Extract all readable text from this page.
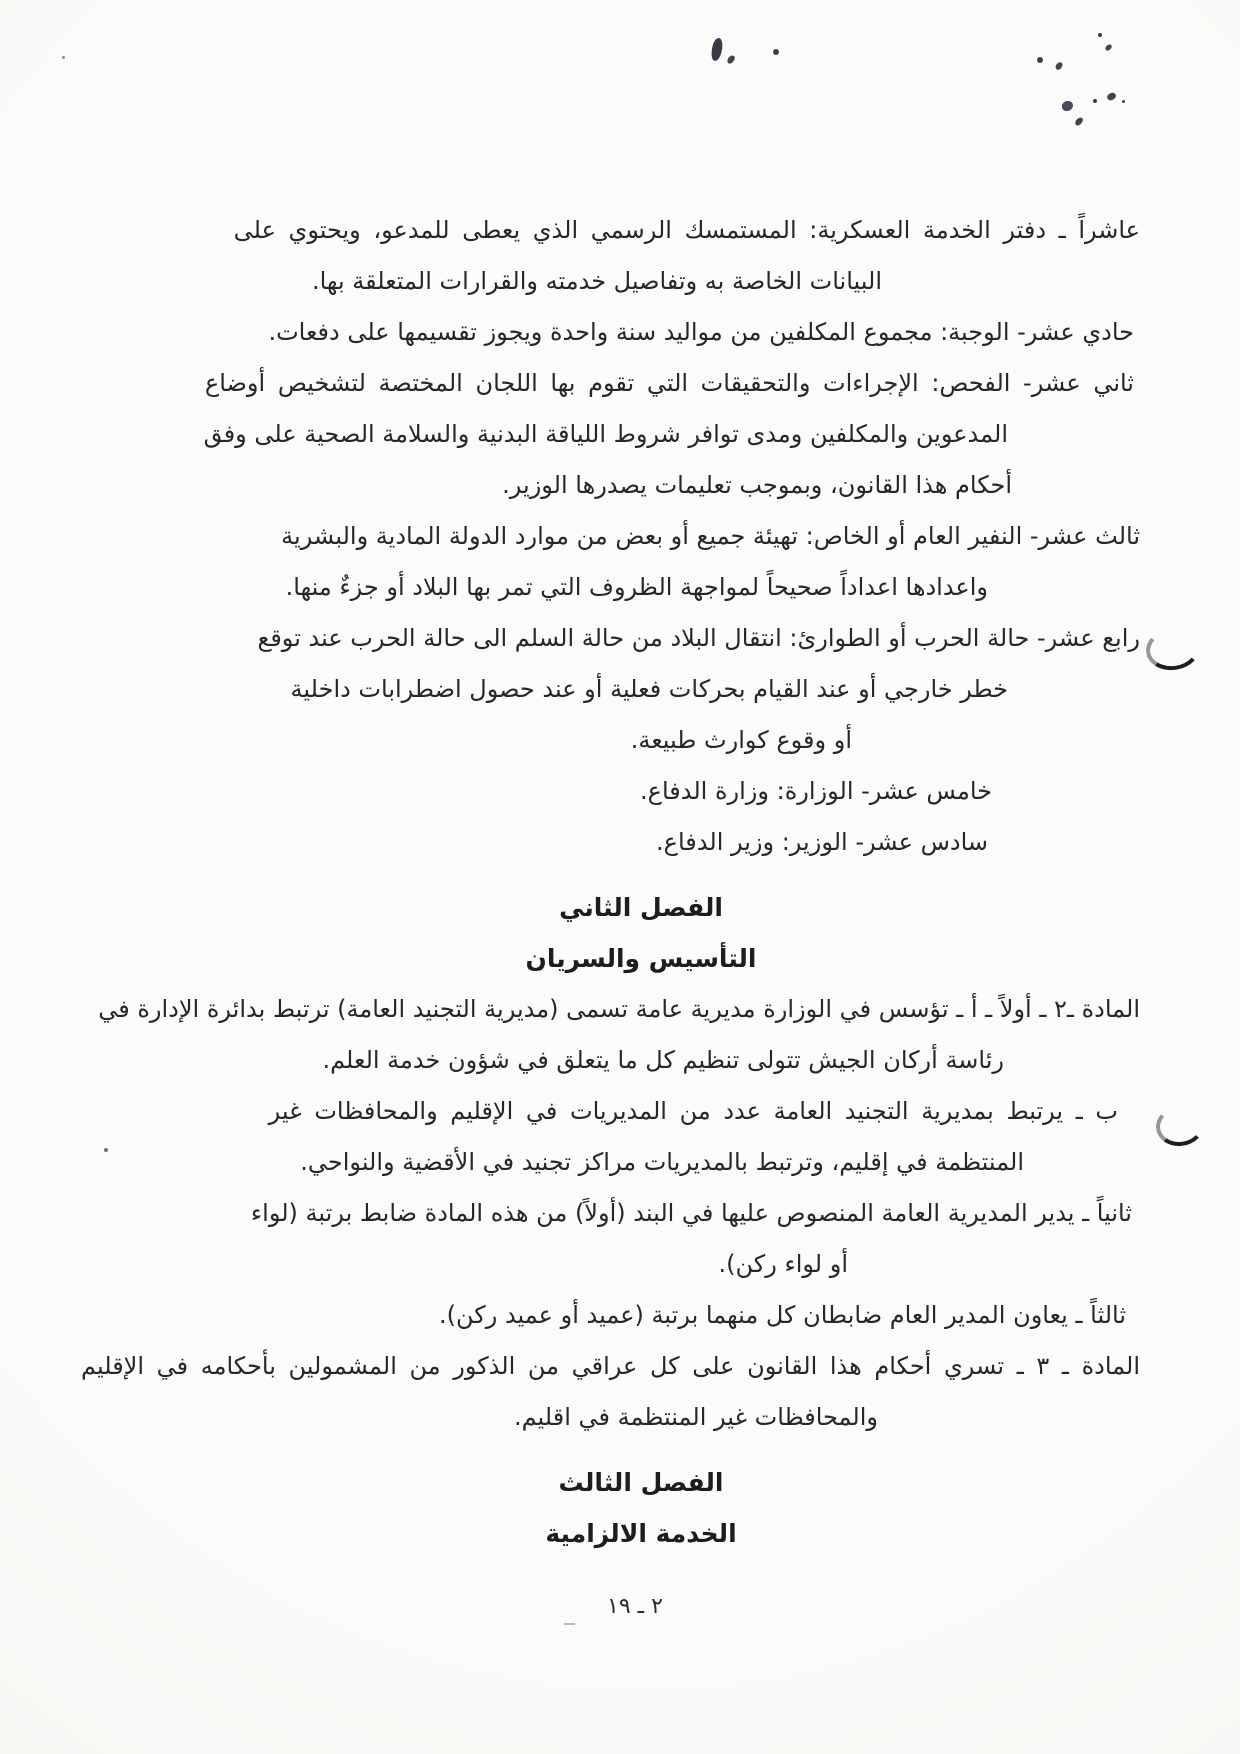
عاشراً ـ دفتر الخدمة العسكرية: المستمسك الرسمي الذي يعطى للمدعو، ويحتوي على
البيانات الخاصة به وتفاصيل خدمته والقرارات المتعلقة بها.
حادي عشر- الوجبة: مجموع المكلفين من مواليد سنة واحدة ويجوز تقسيمها على دفعات.
ثاني عشر- الفحص: الإجراءات والتحقيقات التي تقوم بها اللجان المختصة لتشخيص أوضاع
المدعوين والمكلفين ومدى توافر شروط اللياقة البدنية والسلامة الصحية على وفق
أحكام هذا القانون، وبموجب تعليمات يصدرها الوزير.
ثالث عشر- النفير العام أو الخاص: تهيئة جميع أو بعض من موارد الدولة المادية والبشرية
واعدادها اعداداً صحيحاً لمواجهة الظروف التي تمر بها البلاد أو جزءٌ منها.
رابع عشر- حالة الحرب أو الطوارئ: انتقال البلاد من حالة السلم الى حالة الحرب عند توقع
خطر خارجي أو عند القيام بحركات فعلية أو عند حصول اضطرابات داخلية
أو وقوع كوارث طبيعة.
خامس عشر- الوزارة: وزارة الدفاع.
سادس عشر- الوزير: وزير الدفاع.
الفصل الثاني
التأسيس والسريان
المادة ـ٢ ـ أولاً ـ أ ـ تؤسس في الوزارة مديرية عامة تسمى (مديرية التجنيد العامة) ترتبط بدائرة الإدارة في
رئاسة أركان الجيش تتولى تنظيم كل ما يتعلق في شؤون خدمة العلم.
ب ـ يرتبط بمديرية التجنيد العامة عدد من المديريات في الإقليم والمحافظات غير
المنتظمة في إقليم، وترتبط بالمديريات مراكز تجنيد في الأقضية والنواحي.
ثانياً ـ يدير المديرية العامة المنصوص عليها في البند (أولاً) من هذه المادة ضابط برتبة (لواء
أو لواء ركن).
ثالثاً ـ يعاون المدير العام ضابطان كل منهما برتبة (عميد أو عميد ركن).
المادة ـ ٣ ـ تسري أحكام هذا القانون على كل عراقي من الذكور من المشمولين بأحكامه في الإقليم
والمحافظات غير المنتظمة في اقليم.
الفصل الثالث
الخدمة الالزامية
٢ ـ ١٩
